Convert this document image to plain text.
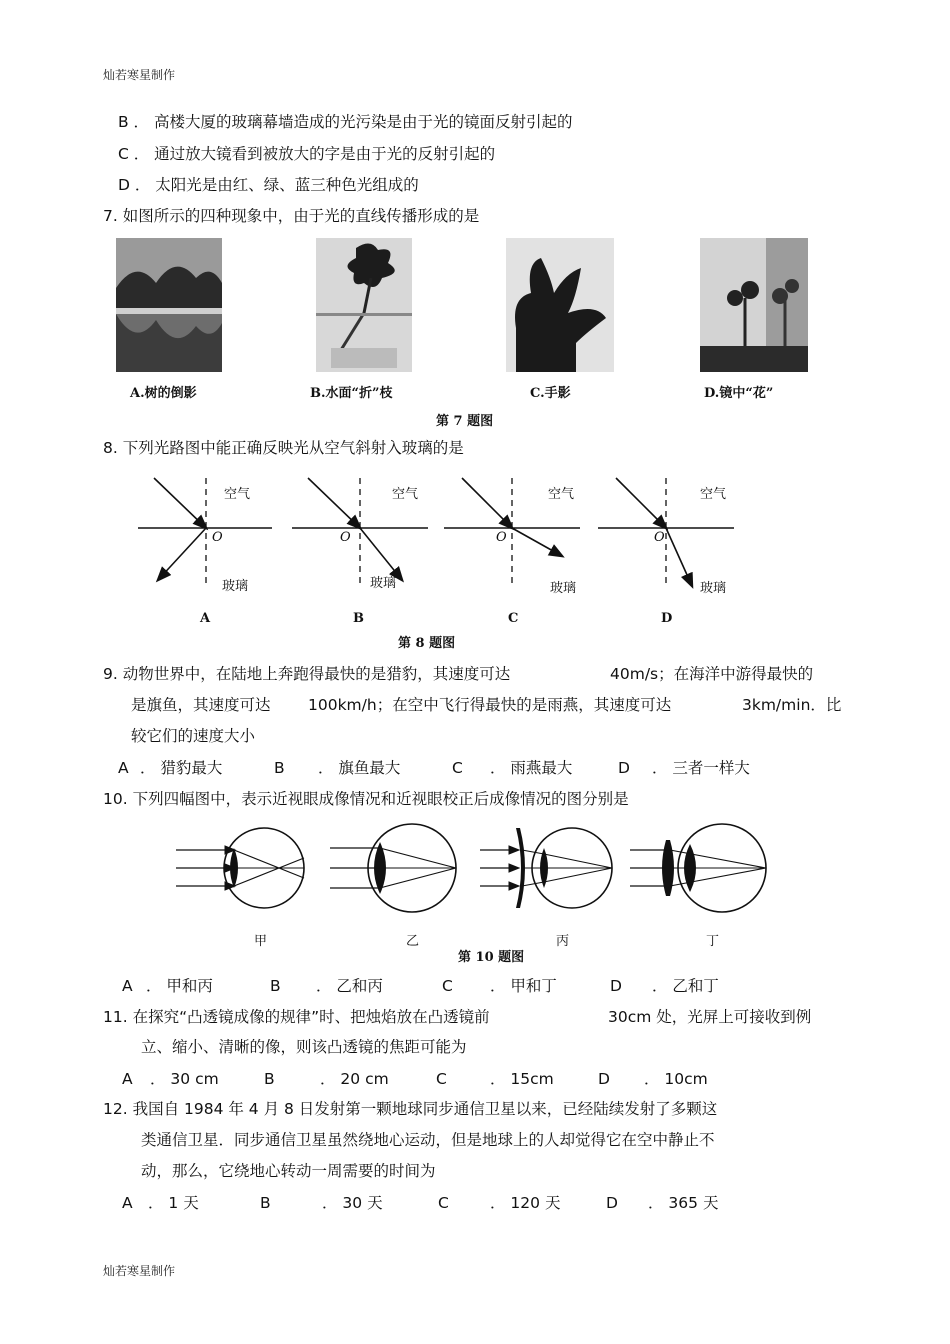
灿若寒星制作
B ． 高楼大厦的玻璃幕墙造成的光污染是由于光的镜面反射引起的
C ． 通过放大镜看到被放大的字是由于光的反射引起的
D ． 太阳光是由红、绿、蓝三种色光组成的
7. 如图所示的四种现象中，由于光的直线传播形成的是
A.树的倒影	B.水面“折”枝	C.手影	D.镜中“花”
第 7 题图
8. 下列光路图中能正确反映光从空气斜射入玻璃的是
空气	空气	空气	空气
O	O	O	O
玻璃	玻璃	玻璃	玻璃
A	B	C	D
第 8 题图
9. 动物世界中，在陆地上奔跑得最快的是猎豹，其速度可达	40m/s；在海洋中游得最快的
是旗鱼，其速度可达 100km/h；在空中飞行得最快的是雨燕，其速度可达	3km/min．比
较它们的速度大小
A ． 猎豹最大	B ． 旗鱼最大	C ． 雨燕最大	D ． 三者一样大
10. 下列四幅图中，表示近视眼成像情况和近视眼校正后成像情况的图分别是
甲	乙	丙	丁
第 10 题图
A ． 甲和丙	B ． 乙和丙	C ． 甲和丁	D ． 乙和丁
11. 在探究“凸透镜成像的规律”时、把烛焰放在凸透镜前	30cm 处，光屏上可接收到例
立、缩小、清晰的像，则该凸透镜的焦距可能为
A ． 30 cm	B	． 20 cm	C	． 15cm	D ． 10cm
12. 我国自 1984 年 4 月 8 日发射第一颗地球同步通信卫星以来，已经陆续发射了多颗这
类通信卫星．同步通信卫星虽然绕地心运动，但是地球上的人却觉得它在空中静止不
动，那么，它绕地心转动一周需要的时间为
A ． 1 天	B	． 30 天	C	． 120 天	D ． 365 天
灿若寒星制作
